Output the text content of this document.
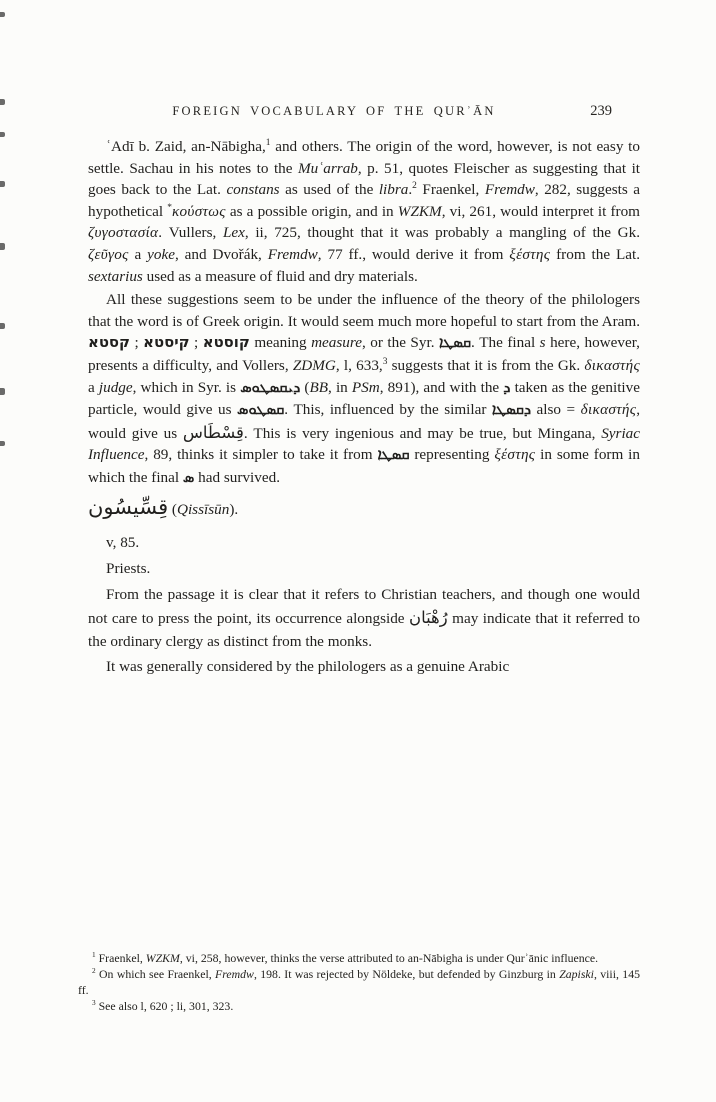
FOREIGN VOCABULARY OF THE QURʾĀN	239

ʿAdī b. Zaid, an-Nābigha,$^1$ and others. The origin of the word, however, is not easy to settle. Sachau in his notes to the Muʿarrab, p. 51, quotes Fleischer as suggesting that it goes back to the Lat. constans as used of the libra.$^2$ Fraenkel, Fremdw, 282, suggests a hypothetical *κούστως as a possible origin, and in WZKM, vi, 261, would interpret it from ζυγοστασία. Vullers, Lex, ii, 725, thought that it was probably a mangling of the Gk. ζεῦγος a yoke, and Dvořák, Fremdw, 77 ff., would derive it from ξέστης from the Lat. sextarius used as a measure of fluid and dry materials.

All these suggestions seem to be under the influence of the theory of the philologers that the word is of Greek origin. It would seem much more hopeful to start from the Aram. קסטא ; קיסטא ; קוסטא meaning measure, or the Syr. ܩܣܛܐ. The final s here, however, presents a difficulty, and Vollers, ZDMG, l, 633,$^3$ suggests that it is from the Gk. δικαστής a judge, which in Syr. is ܕܝܩܣܛܘܣ (BB, in PSm, 891), and with the ܕ taken as the genitive particle, would give us ܩܣܛܘܣ. This, influenced by the similar ܕܩܣܛܐ also = δικαστής, would give us قِسْطَاس. This is very ingenious and may be true, but Mingana, Syriac Influence, 89, thinks it simpler to take it from ܩܣܛܐ representing ξέστης in some form in which the final ܣ had survived.

قِسِّيسُون (Qissīsūn).

v, 85.

Priests.

From the passage it is clear that it refers to Christian teachers, and though one would not care to press the point, its occurrence alongside رُهْبَان may indicate that it referred to the ordinary clergy as distinct from the monks.

It was generally considered by the philologers as a genuine Arabic

$^1$ Fraenkel, WZKM, vi, 258, however, thinks the verse attributed to an-Nābigha is under Qurʾānic influence.

$^2$ On which see Fraenkel, Fremdw, 198. It was rejected by Nöldeke, but defended by Ginzburg in Zapiski, viii, 145 ff.

$^3$ See also l, 620 ; li, 301, 323.
